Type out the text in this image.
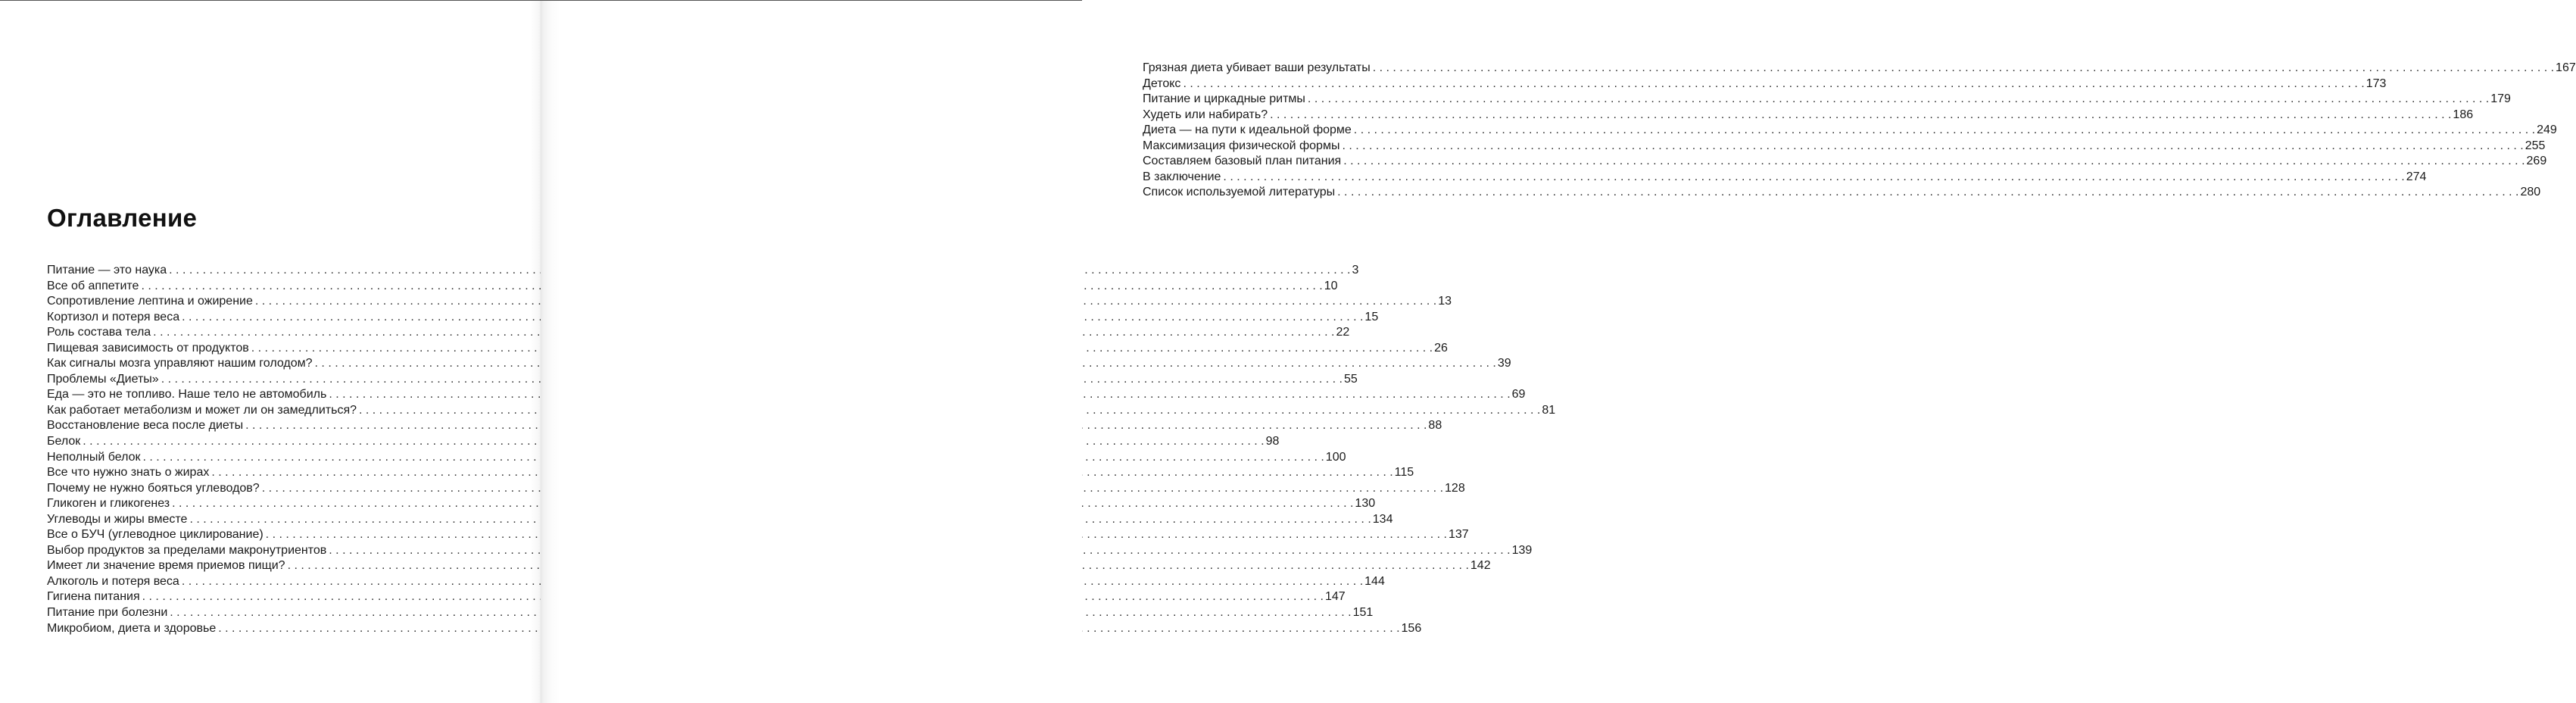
Оглавление
Питание — это наука . . .	3
Все об аппетите . . .	10
Сопротивление лептина и ожирение . . .	13
Кортизол и потеря веса . . .	15
Роль состава тела . . .	22
Пищевая зависимость от продуктов . . .	26
Как сигналы мозга управляют нашим голодом? . . .	39
Проблемы «Диеты» . . .	55
Еда — это не топливо. Наше тело не автомобиль . . .	69
Как работает метаболизм и может ли он замедлиться? . . .	81
Восстановление веса после диеты . . .	88
Белок . . .	98
Неполный белок . . .	100
Все что нужно знать о жирах . . .	115
Почему не нужно бояться углеводов? . . .	128
Гликоген и гликогенез . . .	130
Углеводы и жиры вместе . . .	134
Все о БУЧ (углеводное циклирование) . . .	137
Выбор продуктов за пределами макронутриентов . . .	139
Имеет ли значение время приемов пищи? . . .	142
Алкоголь и потеря веса . . .	144
Гигиена питания . . .	147
Питание при болезни . . .	151
Микробиом, диета и здоровье . . .	156
Грязная диета убивает ваши результаты . . .	167
Детокс . . .	173
Питание и циркадные ритмы . . .	179
Худеть или набирать? . . .	186
Диета — на пути к идеальной форме . . .	249
Максимизация физической формы . . .	255
Составляем базовый план питания . . .	269
В заключение . . .	274
Список используемой литературы . . .	280
